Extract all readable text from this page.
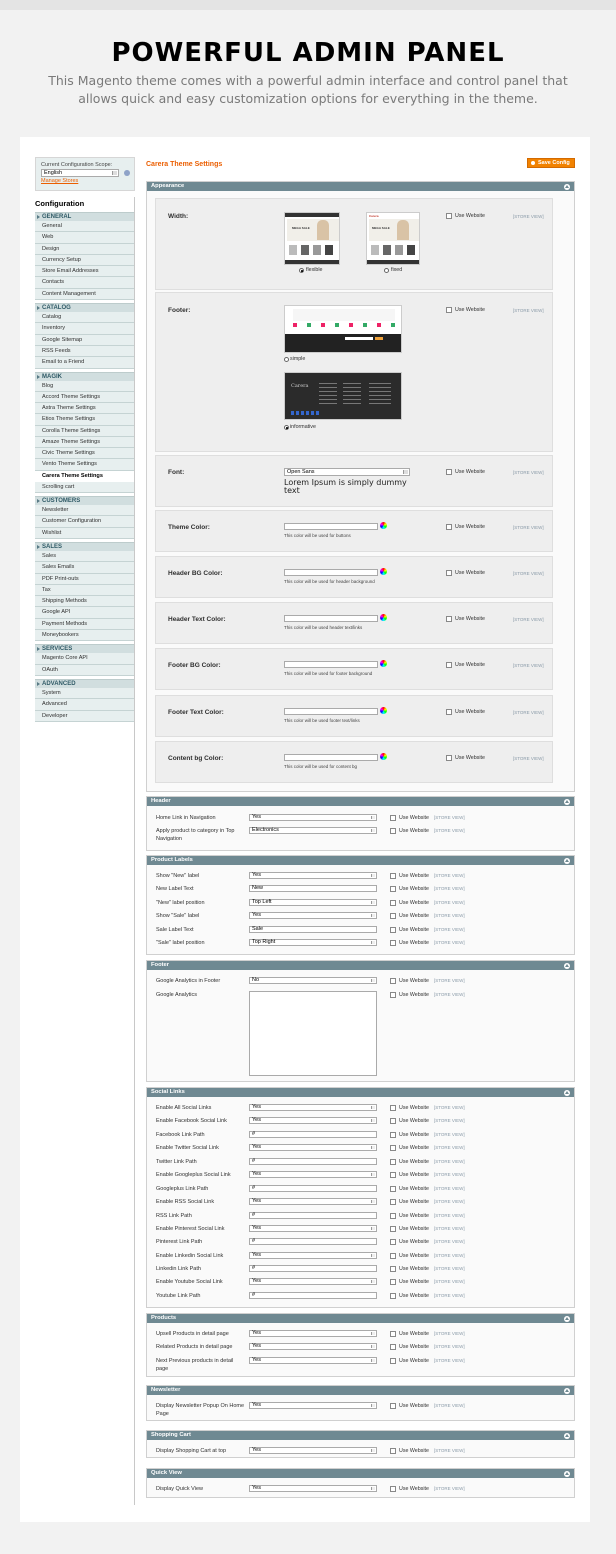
POWERFUL ADMIN PANEL
This Magento theme comes with a powerful admin interface and control panel that allows quick and easy customization options for everything in the theme.
Current Configuration Scope:
English
Manage Stores
Configuration
GENERAL
General
Web
Design
Currency Setup
Store Email Addresses
Contacts
Content Management
CATALOG
Catalog
Inventory
Google Sitemap
RSS Feeds
Email to a Friend
MAGIK
Blog
Accord Theme Settings
Astra Theme Settings
Etios Theme Settings
Corolla Theme Settings
Amaze Theme Settings
Civic Theme Settings
Vento Theme Settings
Carera Theme Settings
Scrolling cart
CUSTOMERS
Newsletter
Customer Configuration
Wishlist
SALES
Sales
Sales Emails
PDF Print-outs
Tax
Shipping Methods
Google API
Payment Methods
Moneybookers
SERVICES
Magento Core API
OAuth
ADVANCED
System
Advanced
Developer
Carera Theme Settings	Save Config
Appearance
Width:
MEGA SALE
Carera
MEGA SALE
flexible	fixed
Use Website	[STORE VIEW]
Footer:
simple
Carera
informative
Use Website	[STORE VIEW]
Font:	Open Sans
Lorem Ipsum is simply dummy text
Use Website	[STORE VIEW]
Theme Color:
This color will be used for buttons
Use Website	[STORE VIEW]
Header BG Color:
This color will be used for header background
Use Website	[STORE VIEW]
Header Text Color:
This color will be used header text/links
Use Website	[STORE VIEW]
Footer BG Color:
This color will be used for footer background
Use Website	[STORE VIEW]
Footer Text Color:
This color will be used footer text/links
Use Website	[STORE VIEW]
Content bg Color:
This color will be used for content bg
Use Website	[STORE VIEW]
Header
Home Link in Navigation	Yes	Use Website [STORE VIEW]
Apply product to category in Top Navigation
Electronics	Use Website [STORE VIEW]
Product Labels
Show "New" label	Yes	Use Website [STORE VIEW]
New Label Text	New	Use Website [STORE VIEW]
"New" label position	Top Left	Use Website [STORE VIEW]
Show "Sale" label	Yes	Use Website [STORE VIEW]
Sale Label Text	Sale	Use Website [STORE VIEW]
"Sale" label position	Top Right	Use Website [STORE VIEW]
Footer
Google Analytics in Footer	No	Use Website [STORE VIEW]
Google Analytics	Use Website [STORE VIEW]
Social Links
Enable All Social Links	Yes	Use Website [STORE VIEW]
Enable Facebook Social Link	Yes	Use Website [STORE VIEW]
Facebook Link Path	#	Use Website [STORE VIEW]
Enable Twitter Social Link	Yes	Use Website [STORE VIEW]
Twitter Link Path	#	Use Website [STORE VIEW]
Enable Googleplus Social Link	Yes	Use Website [STORE VIEW]
Googleplus Link Path	#	Use Website [STORE VIEW]
Enable RSS Social Link	Yes	Use Website [STORE VIEW]
RSS Link Path	#	Use Website [STORE VIEW]
Enable Pinterest Social Link	Yes	Use Website [STORE VIEW]
Pinterest Link Path	#	Use Website [STORE VIEW]
Enable Linkedin Social Link	Yes	Use Website [STORE VIEW]
Linkedin Link Path	#	Use Website [STORE VIEW]
Enable Youtube Social Link	Yes	Use Website [STORE VIEW]
Youtube Link Path	#	Use Website [STORE VIEW]
Products
Upsell Products in detail page	Yes	Use Website [STORE VIEW]
Related Products in detail page	Yes	Use Website [STORE VIEW]
Next Previous products in detail page
Yes	Use Website [STORE VIEW]
Newsletter
Display Newsletter Popup On Home Page
Yes	Use Website [STORE VIEW]
Shopping Cart
Display Shopping Cart at top	Yes	Use Website [STORE VIEW]
Quick View
Display Quick View	Yes	Use Website [STORE VIEW]
